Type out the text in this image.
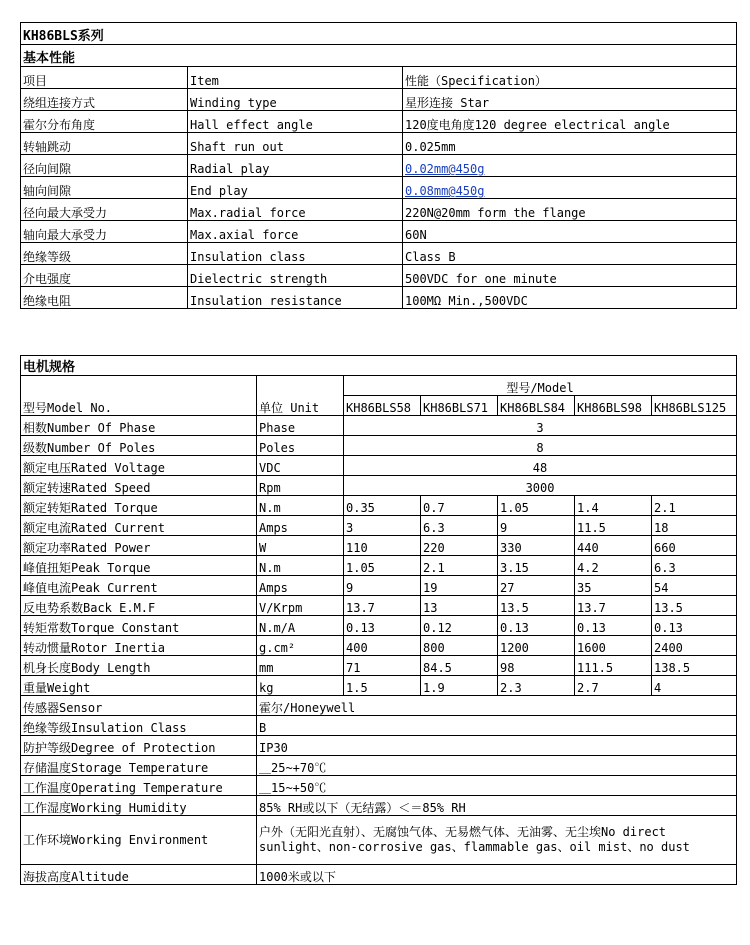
KH86BLS系列		
基本性能		
项目	Item	性能（Specification）
绕组连接方式	Winding type	星形连接 Star
霍尔分布角度	Hall effect angle	120度电角度120 degree electrical angle
转轴跳动	Shaft run out	0.025mm
径向间隙	Radial play	0.02mm@450g
轴向间隙	End play	0.08mm@450g
径向最大承受力	Max.radial force	220N@20mm form the flange
轴向最大承受力	Max.axial force	60N
绝缘等级	Insulation class	Class B
介电强度	Dielectric strength	500VDC for one minute
绝缘电阻	Insulation resistance	100MΩ Min.,500VDC
电机规格						
型号Model No.	单位 Unit	型号/Model				
		KH86BLS58	KH86BLS71	KH86BLS84	KH86BLS98	KH86BLS125
相数Number Of Phase	Phase	3				
级数Number Of Poles	Poles	8				
额定电压Rated Voltage	VDC	48				
额定转速Rated Speed	Rpm	3000				
额定转矩Rated Torque	N.m	0.35	0.7	1.05	1.4	2.1
额定电流Rated Current	Amps	3	6.3	9	11.5	18
额定功率Rated Power	W	110	220	330	440	660
峰值扭矩Peak Torque	N.m	1.05	2.1	3.15	4.2	6.3
峰值电流Peak Current	Amps	9	19	27	35	54
反电势系数Back E.M.F	V/Krpm	13.7	13	13.5	13.7	13.5
转矩常数Torque Constant	N.m/A	0.13	0.12	0.13	0.13	0.13
转动惯量Rotor Inertia	g.cm²	400	800	1200	1600	2400
机身长度Body Length	mm	71	84.5	98	111.5	138.5
重量Weight	kg	1.5	1.9	2.3	2.7	4
传感器Sensor	霍尔/Honeywell					
绝缘等级Insulation Class	B					
防护等级Degree of Protection	IP30					
存储温度Storage Temperature	＿25~+70℃					
工作温度Operating Temperature	＿15~+50℃					
工作湿度Working Humidity	85% RH或以下（无结露）＜＝85% RH					
工作环境Working Environment	户外（无阳光直射）、无腐蚀气体、无易燃气体、无油雾、无尘埃No direct sunlight、non-corrosive gas、flammable gas、oil mist、no dust					
海拔高度Altitude	1000米或以下					
